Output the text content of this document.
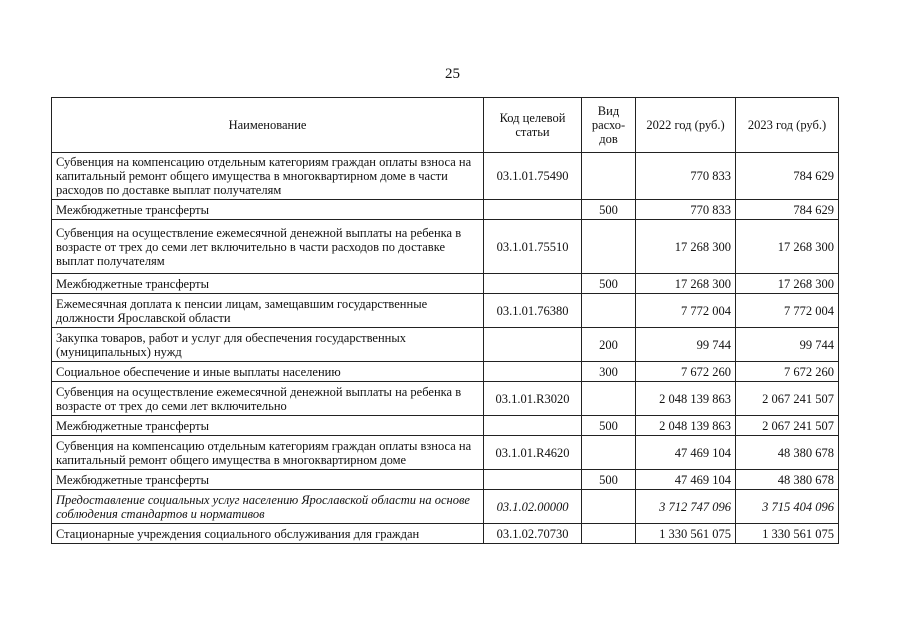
25
Наименование	Код целевой статьи	Вид расхо-дов	2022 год (руб.)	2023 год (руб.)
Субвенция на компенсацию отдельным категориям граждан оплаты взноса на капитальный ремонт общего имущества в многоквартирном доме в части расходов по доставке выплат получателям	03.1.01.75490		770 833	784 629
Межбюджетные трансферты		500	770 833	784 629
Субвенция на осуществление ежемесячной денежной выплаты на ребенка в возрасте от трех до семи лет включительно в части расходов по доставке выплат получателям	03.1.01.75510		17 268 300	17 268 300
Межбюджетные трансферты		500	17 268 300	17 268 300
Ежемесячная доплата к пенсии лицам, замещавшим государственные должности Ярославской области	03.1.01.76380		7 772 004	7 772 004
Закупка товаров, работ и услуг для обеспечения государственных (муниципальных) нужд		200	99 744	99 744
Социальное обеспечение и иные выплаты населению		300	7 672 260	7 672 260
Субвенция на осуществление ежемесячной денежной выплаты на ребенка в возрасте от трех до семи лет включительно	03.1.01.R3020		2 048 139 863	2 067 241 507
Межбюджетные трансферты		500	2 048 139 863	2 067 241 507
Субвенция на компенсацию отдельным категориям граждан оплаты взноса на капитальный ремонт общего имущества в многоквартирном доме	03.1.01.R4620		47 469 104	48 380 678
Межбюджетные трансферты		500	47 469 104	48 380 678
Предоставление социальных услуг населению Ярославской области на основе соблюдения стандартов и нормативов	03.1.02.00000		3 712 747 096	3 715 404 096
Стационарные учреждения социального обслуживания для граждан	03.1.02.70730		1 330 561 075	1 330 561 075
